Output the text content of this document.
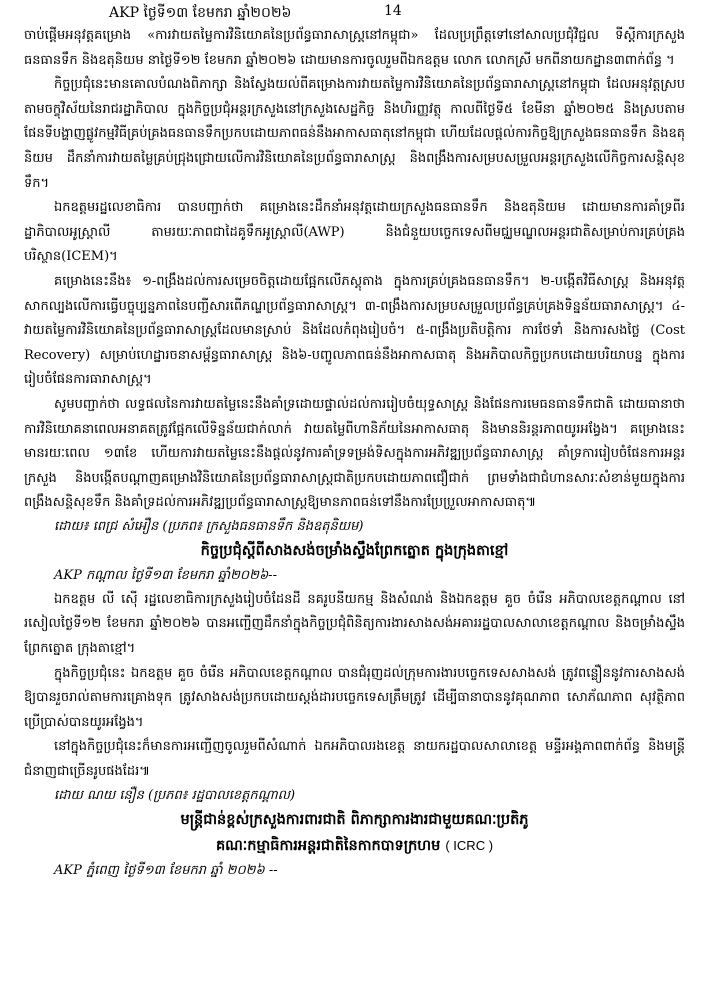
AKP ថ្ងៃទី១៣ ខែមករា ឆ្នាំ២០២៦	14

ចាប់ផ្ដើមអនុវត្តគម្រោង «ការវាយតម្លៃការវិនិយោគនៃប្រព័ន្ធធារាសាស្ត្រនៅកម្ពុជា» ដែលប្រព្រឹត្តទៅនៅសាលប្រជុំវិជ្ជល ទីស្ដីការក្រសួងធនធានទឹក និងឧតុនិយម នាថ្ងៃទី១២ ខែមករា ឆ្នាំ២០២៦ ដោយមានការចូលរួមពីឯកឧត្តម លោក លោកស្រី មកពីនាយកដ្ឋាន៣ពាក់ព័ន្ធ ។

កិច្ចប្រជុំនេះមានគោលបំណងពិភាក្សា និងស្វែងយល់ពីគម្រោងការវាយតម្លៃការវិនិយោគនៃប្រព័ន្ធធារាសាស្ត្រនៅកម្ពុជា ដែលអនុវត្តស្របតាមចក្ខុវិស័យនៃរាជរដ្ឋាភិបាល ក្នុងកិច្ចប្រជុំអន្តរក្រសួងនៅក្រសួងសេដ្ឋកិច្ច និងហិរញ្ញវត្ថុ កាលពីថ្ងៃទី៥ ខែមីនា ឆ្នាំ២០២៥ និងស្របតាមផែនទីបង្ហាញផ្លូវកម្មវិធីគ្រប់គ្រងធនធានទឹកប្រកបដោយភាពធន់នឹងអាកាសធាតុនៅកម្ពុជា ហើយដែលផ្ដល់ការកិច្ចឱ្យក្រសួងធនធានទឹក និងឧតុនិយម ដឹកនាំការវាយតម្លៃគ្រប់ជ្រុងជ្រោយលើការវិនិយោគនៃប្រព័ន្ធធារាសាស្ត្រ និងពង្រឹងការសម្របសម្រួលអន្តរក្រសួងលើកិច្ចការសន្តិសុខទឹក។

ឯកឧត្ដមរដ្ឋលេខាធិការ បានបញ្ជាក់ថា គម្រោងនេះដឹកនាំអនុវត្តដោយក្រសួងធនធានទឹក និងឧតុនិយម ដោយមានការគាំទ្រពីរដ្ឋាភិបាលអូស្ត្រាលី តាមរយៈភាពជាដៃគូទឹកអូស្ត្រាលី(AWP) និងជំនួយបច្ចេកទេសពីមជ្ឈមណ្ឌលអន្តរជាតិសម្រាប់ការគ្រប់គ្រងបរិស្ថាន(ICEM)។

គម្រោងនេះនឹង៖ ១-ពង្រឹងដល់ការសម្រេចចិត្តដោយផ្អែកលើភស្តុតាង ក្នុងការគ្រប់គ្រងធនធានទឹក។ ២-បង្កើតវិធីសាស្ត្រ និងអនុវត្តសាកល្បងលើការធ្វើបច្ចុប្បន្នភាពនៃបញ្ជីសារពើភណ្ឌប្រព័ន្ធធារាសាស្ត្រ។ ៣-ពង្រឹងការសម្របសម្រួលប្រព័ន្ធគ្រប់គ្រងទិន្នន័យធារាសាស្ត្រ។ ៤-វាយតម្លៃការវិនិយោគនៃប្រព័ន្ធធារាសាស្ត្រដែលមានស្រាប់ និងដែលកំពុងរៀបចំ។ ៥-ពង្រឹងប្រតិបត្តិការ ការថែទាំ និងការសងថ្លៃ (Cost Recovery) សម្រាប់ហេដ្ឋារចនាសម្ព័ន្ធធារាសាស្ត្រ និង៦-បញ្ចូលភាពធន់នឹងអាកាសធាតុ និងអភិបាលកិច្ចប្រកបដោយបរិយាបន្ន ក្នុងការរៀបចំផែនការធារាសាស្ត្រ។

សូមបញ្ជាក់ថា លទ្ធផលនៃការវាយតម្លៃនេះនឹងគាំទ្រដោយផ្ទាល់ដល់ការរៀបចំយុទ្ធសាស្ត្រ និងផែនការមេធនធានទឹកជាតិ ដោយធានាថា ការវិនិយោគនាពេលអនាគតត្រូវផ្អែកលើទិន្នន័យជាក់លាក់ វាយតម្លៃពីហានិភ័យនៃអាកាសធាតុ និងមាននិរន្តរភាពយូរអង្វែង។ គម្រោងនេះមានរយៈពេល ១៣ខែ ហើយការវាយតម្លៃនេះនឹងផ្ដល់នូវការគាំទ្រទម្រង់ទិសក្នុងការអភិវឌ្ឍប្រព័ន្ធធារាសាស្ត្រ គាំទ្រការរៀបចំផែនការអន្តរក្រសួង និងបង្កើតបណ្ដាញគម្រោងវិនិយោគនៃប្រព័ន្ធធារាសាស្ត្រជាតិប្រកបដោយភាពជឿជាក់ ព្រមទាំងជាជំហានសារៈសំខាន់មួយក្នុងការពង្រឹងសន្តិសុខទឹក និងគាំទ្រដល់ការអភិវឌ្ឍប្រព័ន្ធធារាសាស្ត្រឱ្យមានភាពធន់ទៅនឹងការប្រែប្រួលអាកាសធាតុ៕

ដោយ៖ ពេជ្រ សំអឿន (ប្រភព៖ ក្រសួងធនធានទឹក និងឧតុនិយម)

កិច្ចប្រជុំស្ដីពីសាងសង់ចម្រាំងស្ទឹងព្រែកត្នោត ក្នុងក្រុងតាខ្មៅ

AKP កណ្ដាល ថ្ងៃទី១៣ ខែមករា ឆ្នាំ២០២៦--

ឯកឧត្ដម លី ស៊ើ រដ្ឋលេខាធិការក្រសួងរៀបចំដែនដី នគរូបនីយកម្ម និងសំណង់ និងឯកឧត្ដម គួច ចំរើន អភិបាលខេត្តកណ្ដាល នៅរសៀលថ្ងៃទី១២ ខែមករា ឆ្នាំ២០២៦ បានអញ្ជើញដឹកនាំក្នុងកិច្ចប្រជុំពិនិត្យការងារសាងសង់អគាររដ្ឋបាលសាលាខេត្តកណ្ដាល និងចម្រាំងស្ទឹងព្រែកត្នោត ក្រុងតាខ្មៅ។

ក្នុងកិច្ចប្រជុំនេះ ឯកឧត្ដម គួច ចំរើន អភិបាលខេត្តកណ្ដាល បានជំរុញដល់ក្រុមការងារបច្ចេកទេសសាងសង់ ត្រូវពន្លឿននូវការសាងសង់ ឱ្យបានរួចរាល់តាមការគ្រោងទុក ត្រូវសាងសង់ប្រកបដោយស្តង់ដារបច្ចេកទេសត្រឹមត្រូវ ដើម្បីធានាបាននូវគុណភាព សោភ័ណភាព សុវត្ថិភាព ប្រើប្រាស់បានយូរអង្វែង។

នៅក្នុងកិច្ចប្រជុំនេះក៏មានការអញ្ជើញចូលរួមពីសំណាក់ ឯកអភិបាលរងខេត្ត នាយករដ្ឋបាលសាលាខេត្ត មន្ទីរអង្គភាពពាក់ព័ន្ធ និងមន្ត្រីជំនាញជាច្រើនរូបផងដែរ៕

ដោយ ណយ នឿន (ប្រភព៖ រដ្ឋបាលខេត្តកណ្ដាល)

មន្ត្រីជាន់ខ្ពស់ក្រសួងការពារជាតិ ពិភាក្សាការងារជាមួយគណៈប្រតិភូ

គណៈកម្មាធិការអន្តរជាតិនៃកាកបាទក្រហម ( ICRC )

AKP ភ្នំពេញ ថ្ងៃទី១៣ ខែមករា ឆ្នាំ ២០២៦ --
